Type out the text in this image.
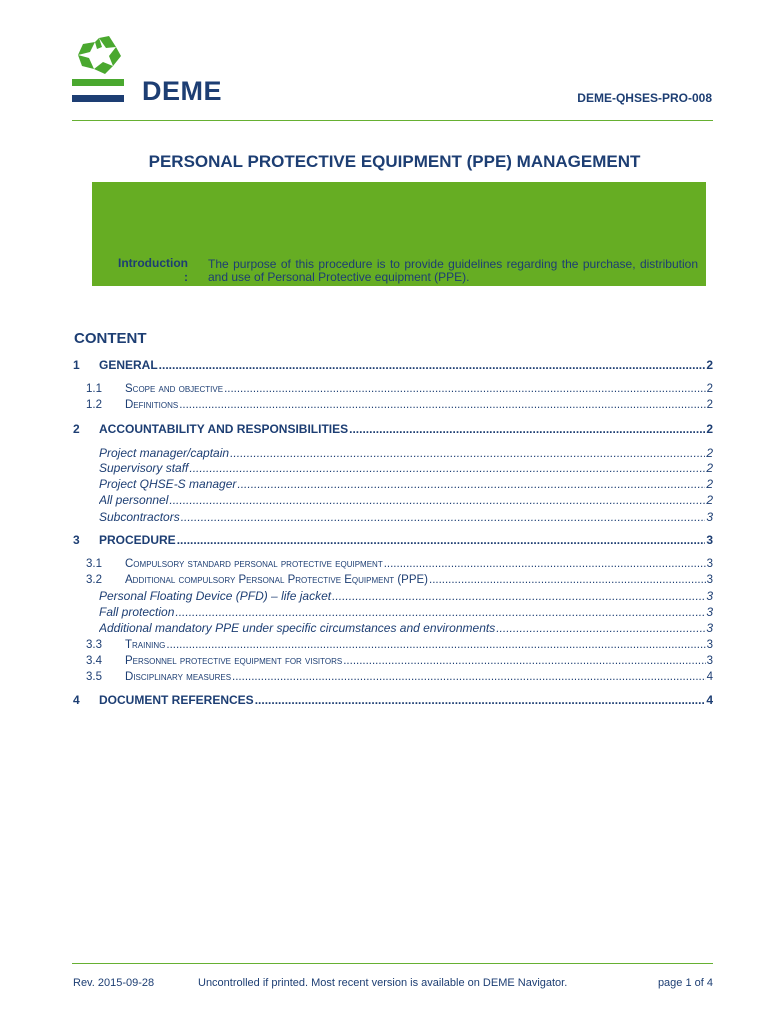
DEME	DEME-QHSES-PRO-008
PERSONAL PROTECTIVE EQUIPMENT (PPE) MANAGEMENT
Introduction
:
The purpose of this procedure is to provide guidelines regarding the purchase, distribution and use of Personal Protective equipment (PPE).
CONTENT
1	GENERAL .....	2
1.1	Scope and objective .....	2
1.2	Definitions .....	2
2	ACCOUNTABILITY AND RESPONSIBILITIES .....	2
Project manager/captain .....	2
Supervisory staff .....	2
Project QHSE-S manager .....	2
All personnel .....	2
Subcontractors .....	3
3	PROCEDURE .....	3
3.1	Compulsory standard personal protective equipment .....	3
3.2	Additional compulsory Personal Protective Equipment (PPE) .....	3
Personal Floating Device (PFD) – life jacket .....	3
Fall protection .....	3
Additional mandatory PPE under specific circumstances and environments .....	3
3.3	Training .....	3
3.4	Personnel protective equipment for visitors .....	3
3.5	Disciplinary measures .....	4
4	DOCUMENT REFERENCES .....	4
Rev. 2015-09-28	Uncontrolled if printed. Most recent version is available on DEME Navigator.	page 1 of 4
